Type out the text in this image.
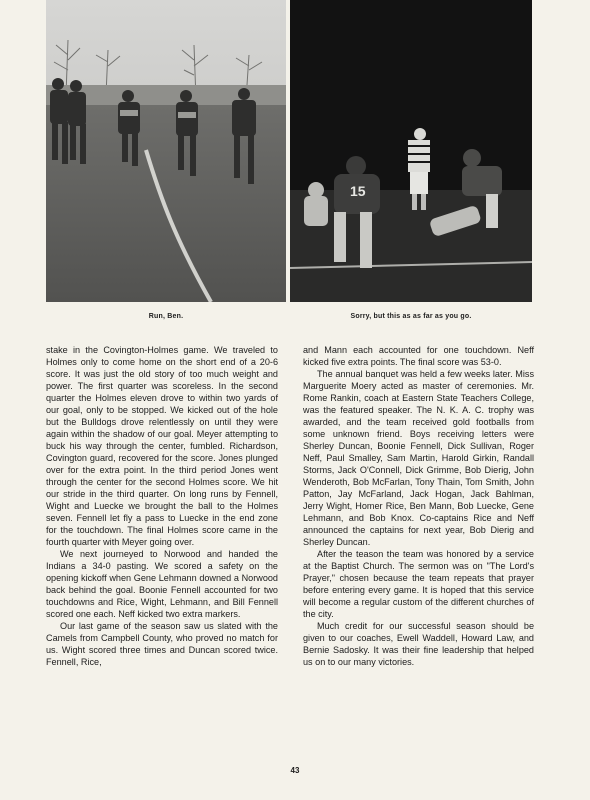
15
Run, Ben.	Sorry, but this as as far as you go.

stake in the Covington-Holmes game. We traveled to Holmes only to come home on the short end of a 20-6 score. It was just the old story of too much weight and power. The first quarter was scoreless. In the second quarter the Holmes eleven drove to within two yards of our goal, only to be stopped. We kicked out of the hole but the Bulldogs drove relentlessly on until they were again within the shadow of our goal. Meyer attempting to buck his way through the center, fumbled. Richardson, Covington guard, recovered for the score. Jones plunged over for the extra point. In the third period Jones went through the center for the second Holmes score. We hit our stride in the third quarter. On long runs by Fennell, Wight and Luecke we brought the ball to the Holmes seven. Fennell let fly a pass to Luecke in the end zone for the touchdown. The final Holmes score came in the fourth quarter with Meyer going over.

We next journeyed to Norwood and handed the Indians a 34-0 pasting. We scored a safety on the opening kickoff when Gene Lehmann downed a Norwood back behind the goal. Boonie Fennell accounted for two touchdowns and Rice, Wight, Lehmann, and Bill Fennell scored one each. Neff kicked two extra markers.

Our last game of the season saw us slated with the Camels from Campbell County, who proved no match for us. Wight scored three times and Duncan scored twice. Fennell, Rice,

and Mann each accounted for one touchdown. Neff kicked five extra points. The final score was 53-0.

The annual banquet was held a few weeks later. Miss Marguerite Moery acted as master of ceremonies. Mr. Rome Rankin, coach at Eastern State Teachers College, was the featured speaker. The N. K. A. C. trophy was awarded, and the team received gold footballs from some unknown friend. Boys receiving letters were Sherley Duncan, Boonie Fennell, Dick Sullivan, Roger Neff, Paul Smalley, Sam Martin, Harold Girkin, Randall Storms, Jack O'Connell, Dick Grimme, Bob Dierig, John Wenderoth, Bob McFarlan, Tony Thain, Tom Smith, John Patton, Jay McFarland, Jack Hogan, Jack Bahlman, Jerry Wight, Homer Rice, Ben Mann, Bob Luecke, Gene Lehmann, and Bob Knox. Co-captains Rice and Neff announced the captains for next year, Bob Dierig and Sherley Duncan.

After the teason the team was honored by a service at the Baptist Church. The sermon was on "The Lord's Prayer," chosen because the team repeats that prayer before entering every game. It is hoped that this service will become a regular custom of the different churches of the city.

Much credit for our successful season should be given to our coaches, Ewell Waddell, Howard Law, and Bernie Sadosky. It was their fine leadership that helped us on to our many victories.

43
